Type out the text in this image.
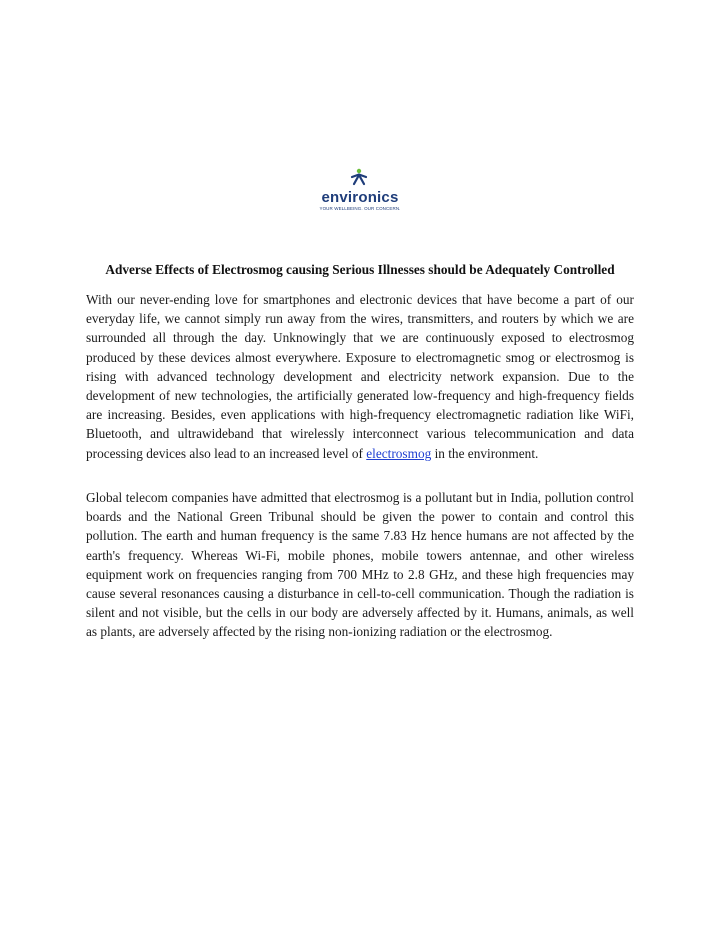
environics
YOUR WELLBEING. OUR CONCERN.
Adverse Effects of Electrosmog causing Serious Illnesses should be Adequately Controlled

With our never-ending love for smartphones and electronic devices that have become a part of our everyday life, we cannot simply run away from the wires, transmitters, and routers by which we are surrounded all through the day. Unknowingly that we are continuously exposed to electrosmog produced by these devices almost everywhere. Exposure to electromagnetic smog or electrosmog is rising with advanced technology development and electricity network expansion. Due to the development of new technologies, the artificially generated low-frequency and high-frequency fields are increasing. Besides, even applications with high-frequency electromagnetic radiation like WiFi, Bluetooth, and ultrawideband that wirelessly interconnect various telecommunication and data processing devices also lead to an increased level of electrosmog in the environment.

Global telecom companies have admitted that electrosmog is a pollutant but in India, pollution control boards and the National Green Tribunal should be given the power to contain and control this pollution. The earth and human frequency is the same 7.83 Hz hence humans are not affected by the earth's frequency. Whereas Wi-Fi, mobile phones, mobile towers antennae, and other wireless equipment work on frequencies ranging from 700 MHz to 2.8 GHz, and these high frequencies may cause several resonances causing a disturbance in cell-to-cell communication. Though the radiation is silent and not visible, but the cells in our body are adversely affected by it. Humans, animals, as well as plants, are adversely affected by the rising non-ionizing radiation or the electrosmog.
